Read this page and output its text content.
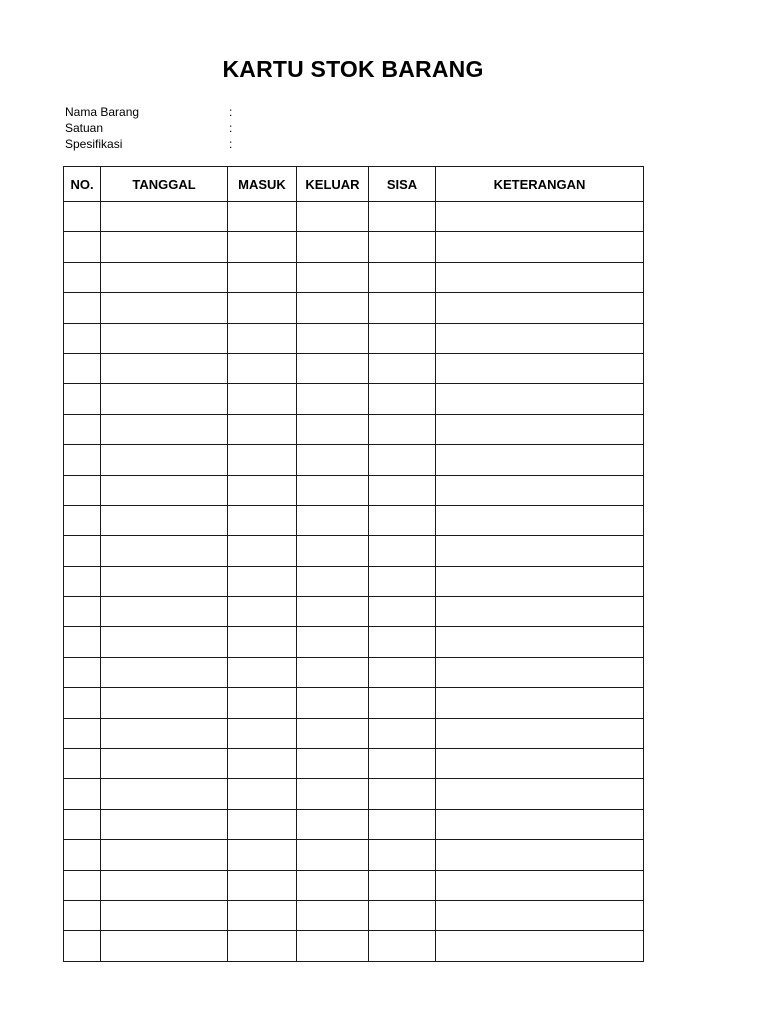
KARTU STOK BARANG
Nama Barang	:
Satuan	:
Spesifikasi	:
NO.	TANGGAL	MASUK	KELUAR	SISA	KETERANGAN
